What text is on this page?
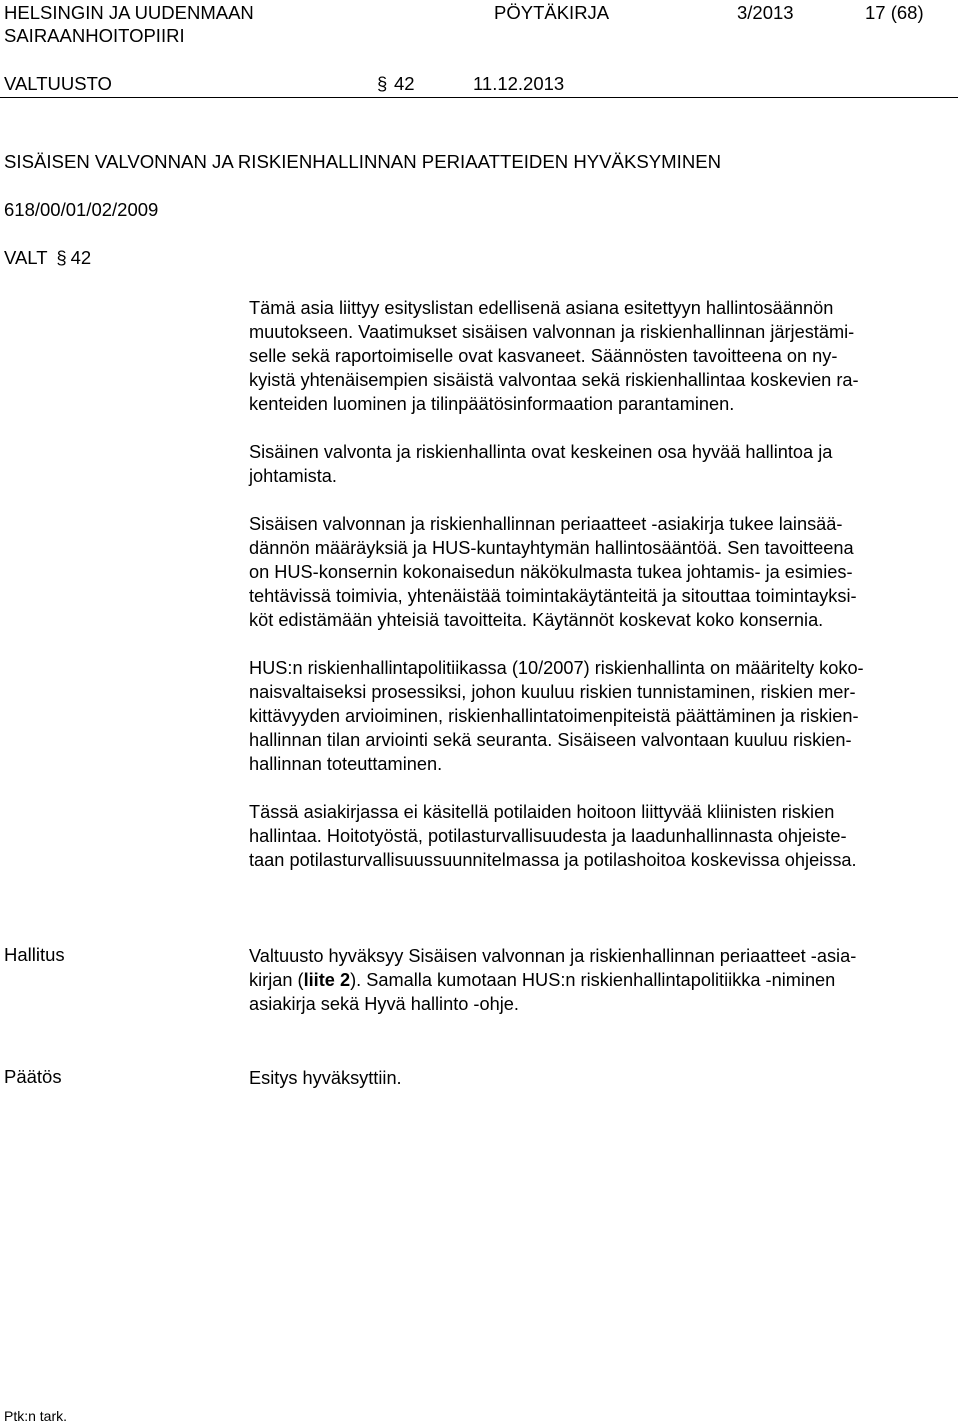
HELSINGIN JA UUDENMAAN
SAIRAANHOITOPIIRI
PÖYTÄKIRJA	3/2013	17 (68)
VALTUUSTO	§ 42	11.12.2013
SISÄISEN VALVONNAN JA RISKIENHALLINNAN PERIAATTEIDEN HYVÄKSYMINEN
618/00/01/02/2009
VALT § 42
Tämä asia liittyy esityslistan edellisenä asiana esitettyyn hallintosäännön
muutokseen. Vaatimukset sisäisen valvonnan ja riskienhallinnan järjestämi-
selle sekä raportoimiselle ovat kasvaneet. Säännösten tavoitteena on ny-
kyistä yhtenäisempien sisäistä valvontaa sekä riskienhallintaa koskevien ra-
kenteiden luominen ja tilinpäätösinformaation parantaminen.
Sisäinen valvonta ja riskienhallinta ovat keskeinen osa hyvää hallintoa ja
johtamista.
Sisäisen valvonnan ja riskienhallinnan periaatteet -asiakirja tukee lainsää-
dännön määräyksiä ja HUS-kuntayhtymän hallintosääntöä. Sen tavoitteena
on HUS-konsernin kokonaisedun näkökulmasta tukea johtamis- ja esimies-
tehtävissä toimivia, yhtenäistää toimintakäytänteitä ja sitouttaa toimintayksi-
köt edistämään yhteisiä tavoitteita. Käytännöt koskevat koko konsernia.
HUS:n riskienhallintapolitiikassa (10/2007) riskienhallinta on määritelty koko-
naisvaltaiseksi prosessiksi, johon kuuluu riskien tunnistaminen, riskien mer-
kittävyyden arvioiminen, riskienhallintatoimenpiteistä päättäminen ja riskien-
hallinnan tilan arviointi sekä seuranta. Sisäiseen valvontaan kuuluu riskien-
hallinnan toteuttaminen.
Tässä asiakirjassa ei käsitellä potilaiden hoitoon liittyvää kliinisten riskien
hallintaa. Hoitotyöstä, potilasturvallisuudesta ja laadunhallinnasta ohjeiste-
taan potilasturvallisuussuunnitelmassa ja potilashoitoa koskevissa ohjeissa.
Hallitus	Valtuusto hyväksyy Sisäisen valvonnan ja riskienhallinnan periaatteet -asia-
kirjan (liite 2). Samalla kumotaan HUS:n riskienhallintapolitiikka -niminen
asiakirja sekä Hyvä hallinto -ohje.
Päätös	Esitys hyväksyttiin.
Ptk:n tark.
